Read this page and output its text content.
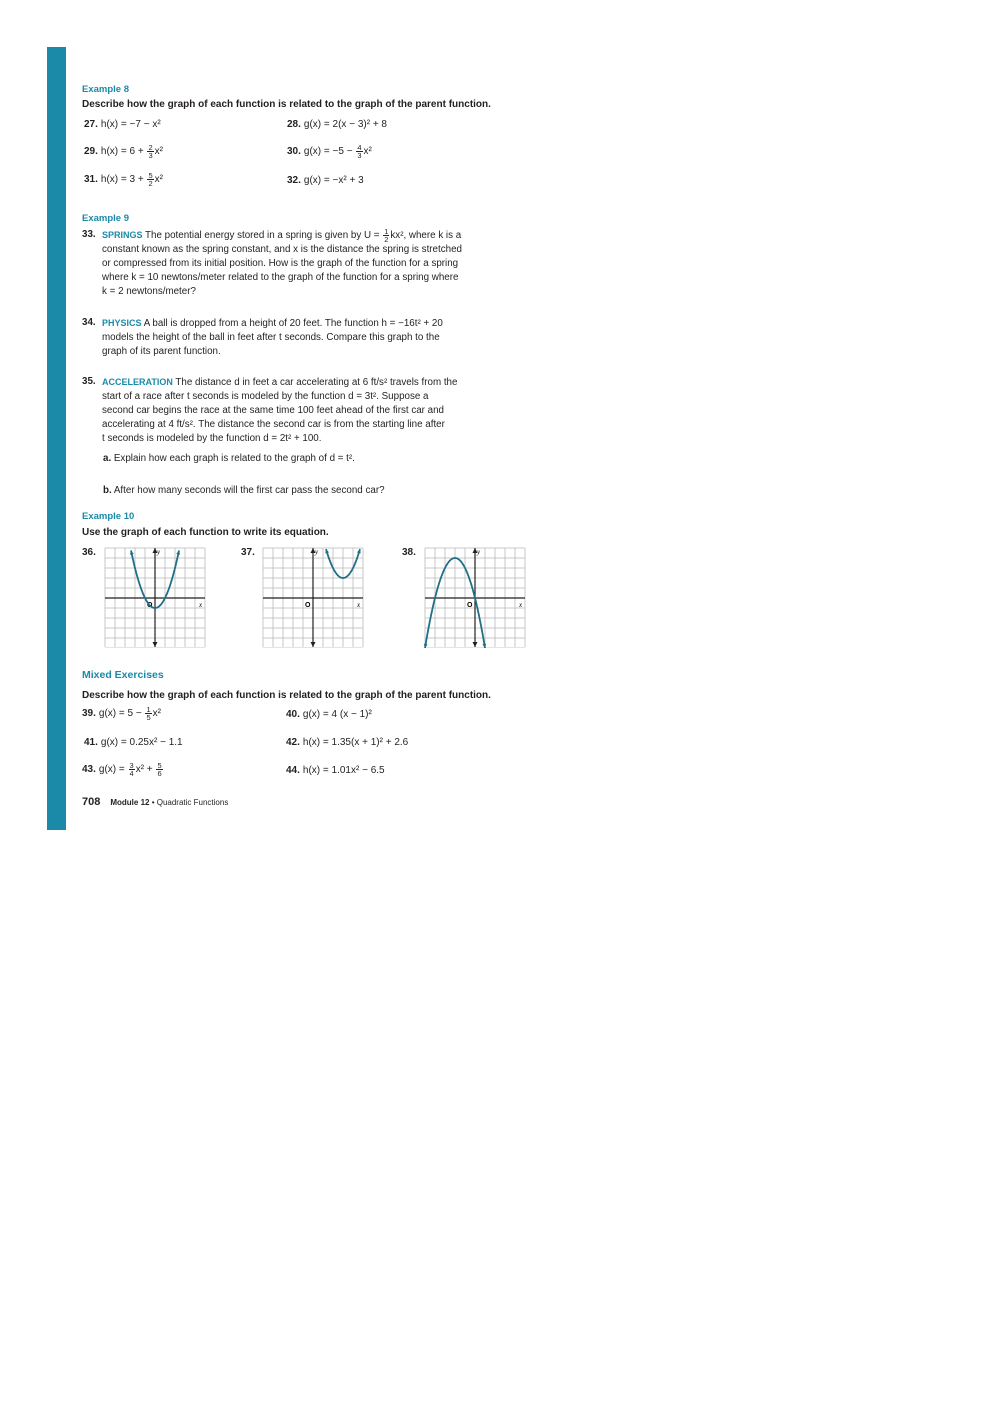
Example 8
Describe how the graph of each function is related to the graph of the parent function.
27. h(x) = −7 − x²	28. g(x) = 2(x − 3)² + 8
29. $h(x) = 6 + \frac{2}{3} x^2$	30. $g(x) = -5 - \frac{4}{3} x^2$
31. $h(x) = 3 + \frac{5}{2} x^2$	32. g(x) = −x² + 3
Example 9
33. SPRINGS The potential energy stored in a spring is given by $U = \frac{1}{2} kx^2$, where k is a
constant known as the spring constant, and x is the distance the spring is stretched
or compressed from its initial position. How is the graph of the function for a spring
where k = 10 newtons/meter related to the graph of the function for a spring where
k = 2 newtons/meter?
34. PHYSICS A ball is dropped from a height of 20 feet. The function h = −16t² + 20
models the height of the ball in feet after t seconds. Compare this graph to the
graph of its parent function.
35. ACCELERATION The distance d in feet a car accelerating at 6 ft/s² travels from the
start of a race after t seconds is modeled by the function d = 3t². Suppose a
second car begins the race at the same time 100 feet ahead of the first car and
accelerating at 4 ft/s². The distance the second car is from the starting line after
t seconds is modeled by the function d = 2t² + 100.
a. Explain how each graph is related to the graph of d = t².
b. After how many seconds will the first car pass the second car?
Example 10
Use the graph of each function to write its equation.
36.
x
y
O
37.
x
y
O
38.
x
y
O
Mixed Exercises
Describe how the graph of each function is related to the graph of the parent function.
39. $g(x) = 5 - \frac{1}{5} x^2$	40. g(x) = 4 (x − 1)²
41. g(x) = 0.25x² − 1.1	42. h(x) = 1.35(x + 1)² + 2.6
43. $g(x) = \frac{3}{4} x^2 + \frac{5}{6}$	44. h(x) = 1.01x² − 6.5
708 Module 12 • Quadratic Functions
